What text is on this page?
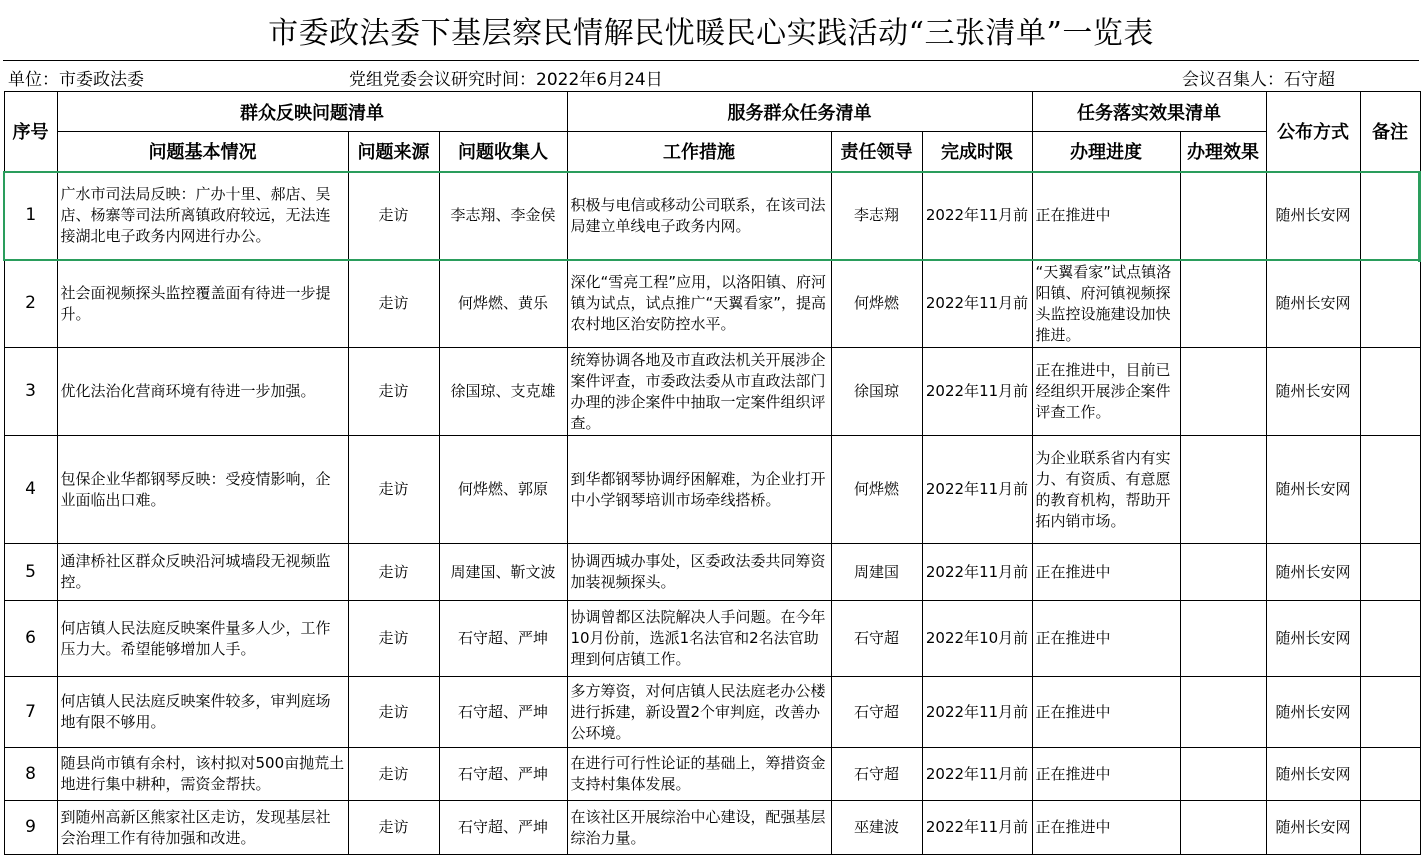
市委政法委下基层察民情解民忧暖民心实践活动“三张清单”一览表
单位：市委政法委	党组党委会议研究时间：2022年6月24日	会议召集人：石守超
序号	群众反映问题清单			服务群众任务清单			任务落实效果清单		公布方式	备注
	问题基本情况	问题来源	问题收集人	工作措施	责任领导	完成时限	办理进度	办理效果		
1	广水市司法局反映：广办十里、郝店、吴店、杨寨等司法所离镇政府较远，无法连接湖北电子政务内网进行办公。	走访	李志翔、李金侯	积极与电信或移动公司联系，在该司法局建立单线电子政务内网。	李志翔	2022年11月前	正在推进中		随州长安网	
2	社会面视频探头监控覆盖面有待进一步提升。	走访	何烨燃、黄乐	深化“雪亮工程”应用，以洛阳镇、府河镇为试点，试点推广“天翼看家”，提高农村地区治安防控水平。	何烨燃	2022年11月前	“天翼看家”试点镇洛阳镇、府河镇视频探头监控设施建设加快推进。		随州长安网	
3	优化法治化营商环境有待进一步加强。	走访	徐国琼、支克雄	统筹协调各地及市直政法机关开展涉企案件评查，市委政法委从市直政法部门办理的涉企案件中抽取一定案件组织评查。	徐国琼	2022年11月前	正在推进中，目前已经组织开展涉企案件评查工作。		随州长安网	
4	包保企业华都钢琴反映：受疫情影响，企业面临出口难。	走访	何烨燃、郭原	到华都钢琴协调纾困解难，为企业打开中小学钢琴培训市场牵线搭桥。	何烨燃	2022年11月前	为企业联系省内有实力、有资质、有意愿的教育机构，帮助开拓内销市场。		随州长安网	
5	通津桥社区群众反映沿河城墙段无视频监控。	走访	周建国、靳文波	协调西城办事处，区委政法委共同筹资加装视频探头。	周建国	2022年11月前	正在推进中		随州长安网	
6	何店镇人民法庭反映案件量多人少，工作压力大。希望能够增加人手。	走访	石守超、严坤	协调曾都区法院解决人手问题。在今年10月份前，选派1名法官和2名法官助理到何店镇工作。	石守超	2022年10月前	正在推进中		随州长安网	
7	何店镇人民法庭反映案件较多，审判庭场地有限不够用。	走访	石守超、严坤	多方筹资，对何店镇人民法庭老办公楼进行拆建，新设置2个审判庭，改善办公环境。	石守超	2022年11月前	正在推进中		随州长安网	
8	随县尚市镇有余村，该村拟对500亩抛荒土地进行集中耕种，需资金帮扶。	走访	石守超、严坤	在进行可行性论证的基础上，筹措资金支持村集体发展。	石守超	2022年11月前	正在推进中		随州长安网	
9	到随州高新区熊家社区走访，发现基层社会治理工作有待加强和改进。	走访	石守超、严坤	在该社区开展综治中心建设，配强基层综治力量。	巫建波	2022年11月前	正在推进中		随州长安网	
